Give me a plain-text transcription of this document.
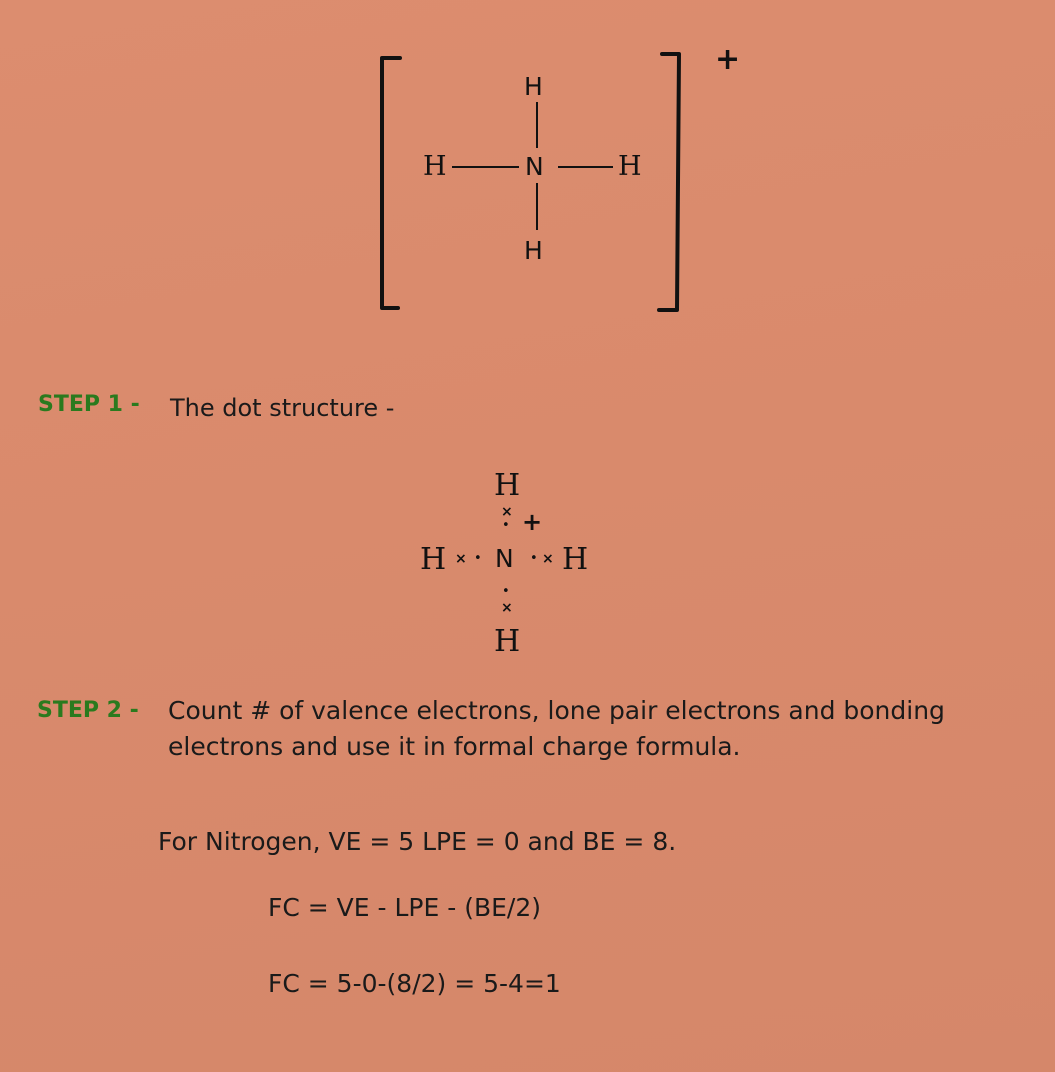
N
H
H
H	H
+
STEP 1 - The dot structure -
H
×
• +
H × • N • × H
•
×
H
STEP 2 - Count # of valence electrons, lone pair electrons and bonding
electrons and use it in formal charge formula.
For Nitrogen, VE = 5 LPE = 0 and BE = 8.
FC = VE - LPE - (BE/2)
FC = 5-0-(8/2) = 5-4=1
